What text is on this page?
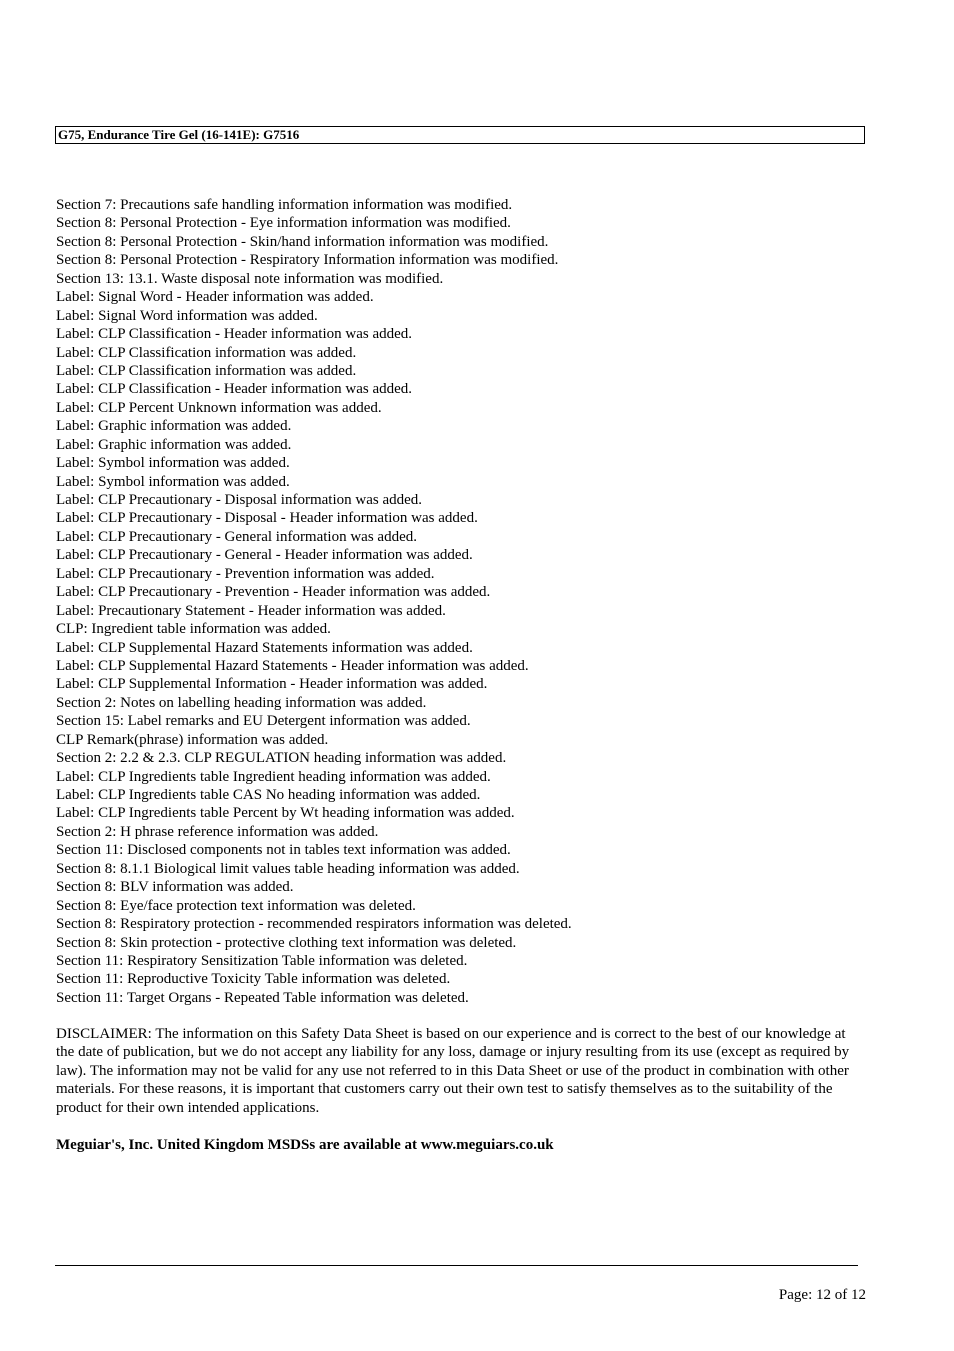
G75, Endurance Tire Gel (16-141E): G7516
Section 7: Precautions safe handling information information was modified.
Section 8: Personal Protection - Eye information information was modified.
Section 8: Personal Protection - Skin/hand information information was modified.
Section 8: Personal Protection - Respiratory Information information was modified.
Section 13: 13.1. Waste disposal note information was modified.
Label: Signal Word - Header information was added.
Label: Signal Word information was added.
Label: CLP Classification - Header information was added.
Label: CLP Classification information was added.
Label: CLP Classification information was added.
Label: CLP Classification - Header information was added.
Label: CLP Percent Unknown information was added.
Label: Graphic information was added.
Label: Graphic information was added.
Label: Symbol information was added.
Label: Symbol information was added.
Label: CLP Precautionary - Disposal information was added.
Label: CLP Precautionary - Disposal - Header information was added.
Label: CLP Precautionary - General information was added.
Label: CLP Precautionary - General - Header information was added.
Label: CLP Precautionary - Prevention information was added.
Label: CLP Precautionary - Prevention - Header information was added.
Label: Precautionary Statement - Header information was added.
CLP: Ingredient table information was added.
Label: CLP Supplemental Hazard Statements information was added.
Label: CLP Supplemental Hazard Statements - Header information was added.
Label: CLP Supplemental Information - Header information was added.
Section 2: Notes on labelling heading information was added.
Section 15: Label remarks and EU Detergent information was added.
CLP Remark(phrase) information was added.
Section 2: 2.2 & 2.3. CLP REGULATION heading information was added.
Label: CLP Ingredients table Ingredient heading information was added.
Label: CLP Ingredients table CAS No heading information was added.
Label: CLP Ingredients table Percent by Wt heading information was added.
Section 2: H phrase reference information was added.
Section 11: Disclosed components not in tables text information was added.
Section 8: 8.1.1 Biological limit values table heading information was added.
Section 8: BLV information was added.
Section 8: Eye/face protection text information was deleted.
Section 8: Respiratory protection - recommended respirators information was deleted.
Section 8: Skin protection - protective clothing text information was deleted.
Section 11: Respiratory Sensitization Table information was deleted.
Section 11: Reproductive Toxicity Table information was deleted.
Section 11: Target Organs - Repeated Table information was deleted.

DISCLAIMER: The information on this Safety Data Sheet is based on our experience and is correct to the best of our knowledge at the date of publication, but we do not accept any liability for any loss, damage or injury resulting from its use (except as required by law). The information may not be valid for any use not referred to in this Data Sheet or use of the product in combination with other materials. For these reasons, it is important that customers carry out their own test to satisfy themselves as to the suitability of the product for their own intended applications.

Meguiar's, Inc. United Kingdom MSDSs are available at www.meguiars.co.uk
Page: 12 of 12
